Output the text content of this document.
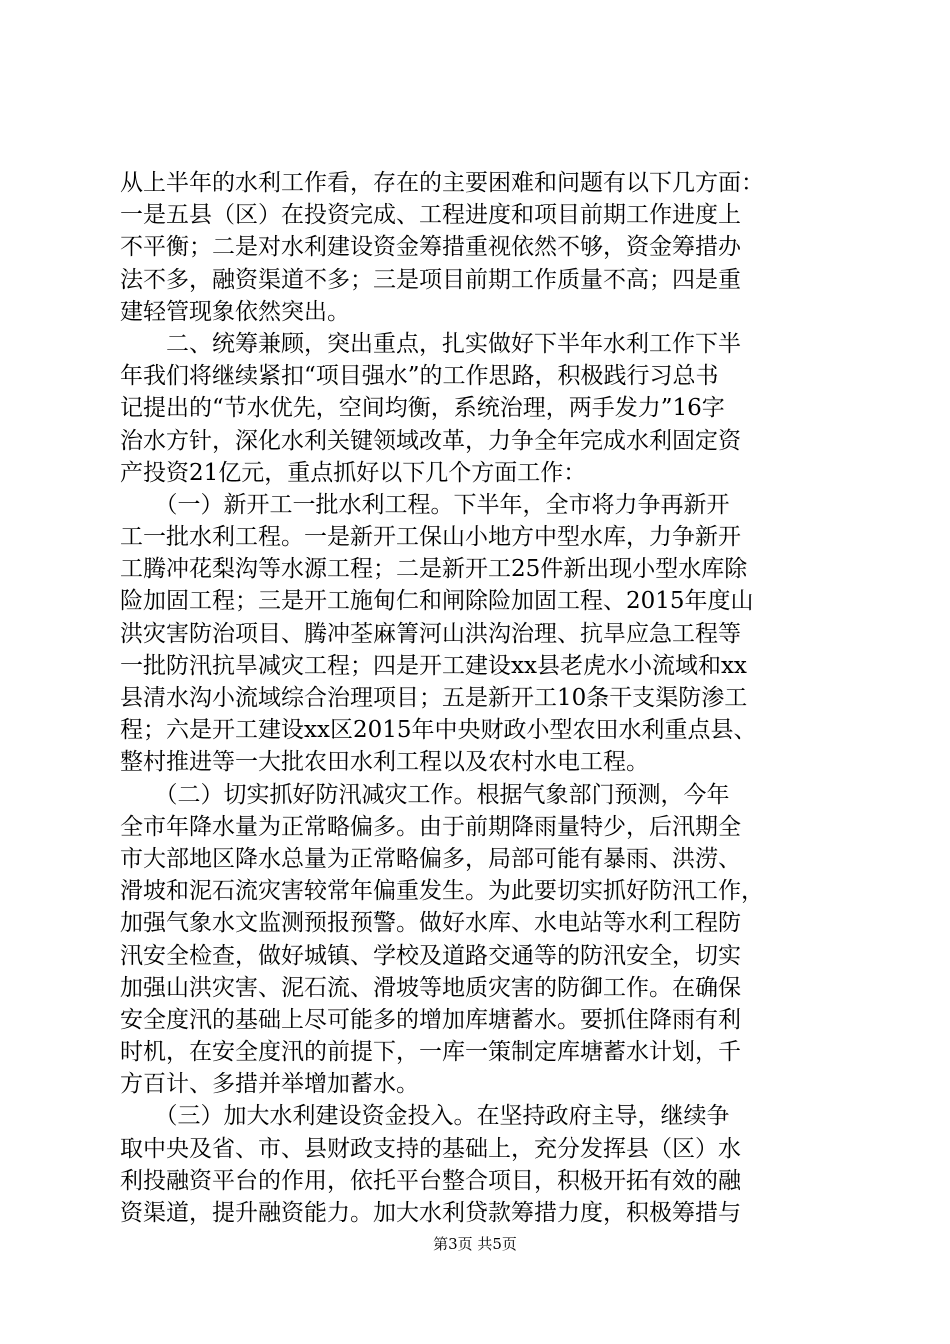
从上半年的水利工作看，存在的主要困难和问题有以下几方面：
一是五县（区）在投资完成、工程进度和项目前期工作进度上
不平衡；二是对水利建设资金筹措重视依然不够，资金筹措办
法不多，融资渠道不多；三是项目前期工作质量不高；四是重
建轻管现象依然突出。
　　二、统筹兼顾，突出重点，扎实做好下半年水利工作下半
年我们将继续紧扣“项目强水”的工作思路，积极践行习总书
记提出的“节水优先，空间均衡，系统治理，两手发力”16字
治水方针，深化水利关键领域改革，力争全年完成水利固定资
产投资21亿元，重点抓好以下几个方面工作：
　　（一）新开工一批水利工程。下半年，全市将力争再新开
工一批水利工程。一是新开工保山小地方中型水库，力争新开
工腾冲花梨沟等水源工程；二是新开工25件新出现小型水库除
险加固工程；三是开工施甸仁和闸除险加固工程、2015年度山
洪灾害防治项目、腾冲荃麻箐河山洪沟治理、抗旱应急工程等
一批防汛抗旱减灾工程；四是开工建设xx县老虎水小流域和xx
县清水沟小流域综合治理项目；五是新开工10条干支渠防渗工
程；六是开工建设xx区2015年中央财政小型农田水利重点县、
整村推进等一大批农田水利工程以及农村水电工程。
　　（二）切实抓好防汛减灾工作。根据气象部门预测，今年
全市年降水量为正常略偏多。由于前期降雨量特少，后汛期全
市大部地区降水总量为正常略偏多，局部可能有暴雨、洪涝、
滑坡和泥石流灾害较常年偏重发生。为此要切实抓好防汛工作，
加强气象水文监测预报预警。做好水库、水电站等水利工程防
汛安全检查，做好城镇、学校及道路交通等的防汛安全，切实
加强山洪灾害、泥石流、滑坡等地质灾害的防御工作。在确保
安全度汛的基础上尽可能多的增加库塘蓄水。要抓住降雨有利
时机，在安全度汛的前提下，一库一策制定库塘蓄水计划，千
方百计、多措并举增加蓄水。
　　（三）加大水利建设资金投入。在坚持政府主导，继续争
取中央及省、市、县财政支持的基础上，充分发挥县（区）水
利投融资平台的作用，依托平台整合项目，积极开拓有效的融
资渠道，提升融资能力。加大水利贷款筹措力度，积极筹措与
第3页 共5页
